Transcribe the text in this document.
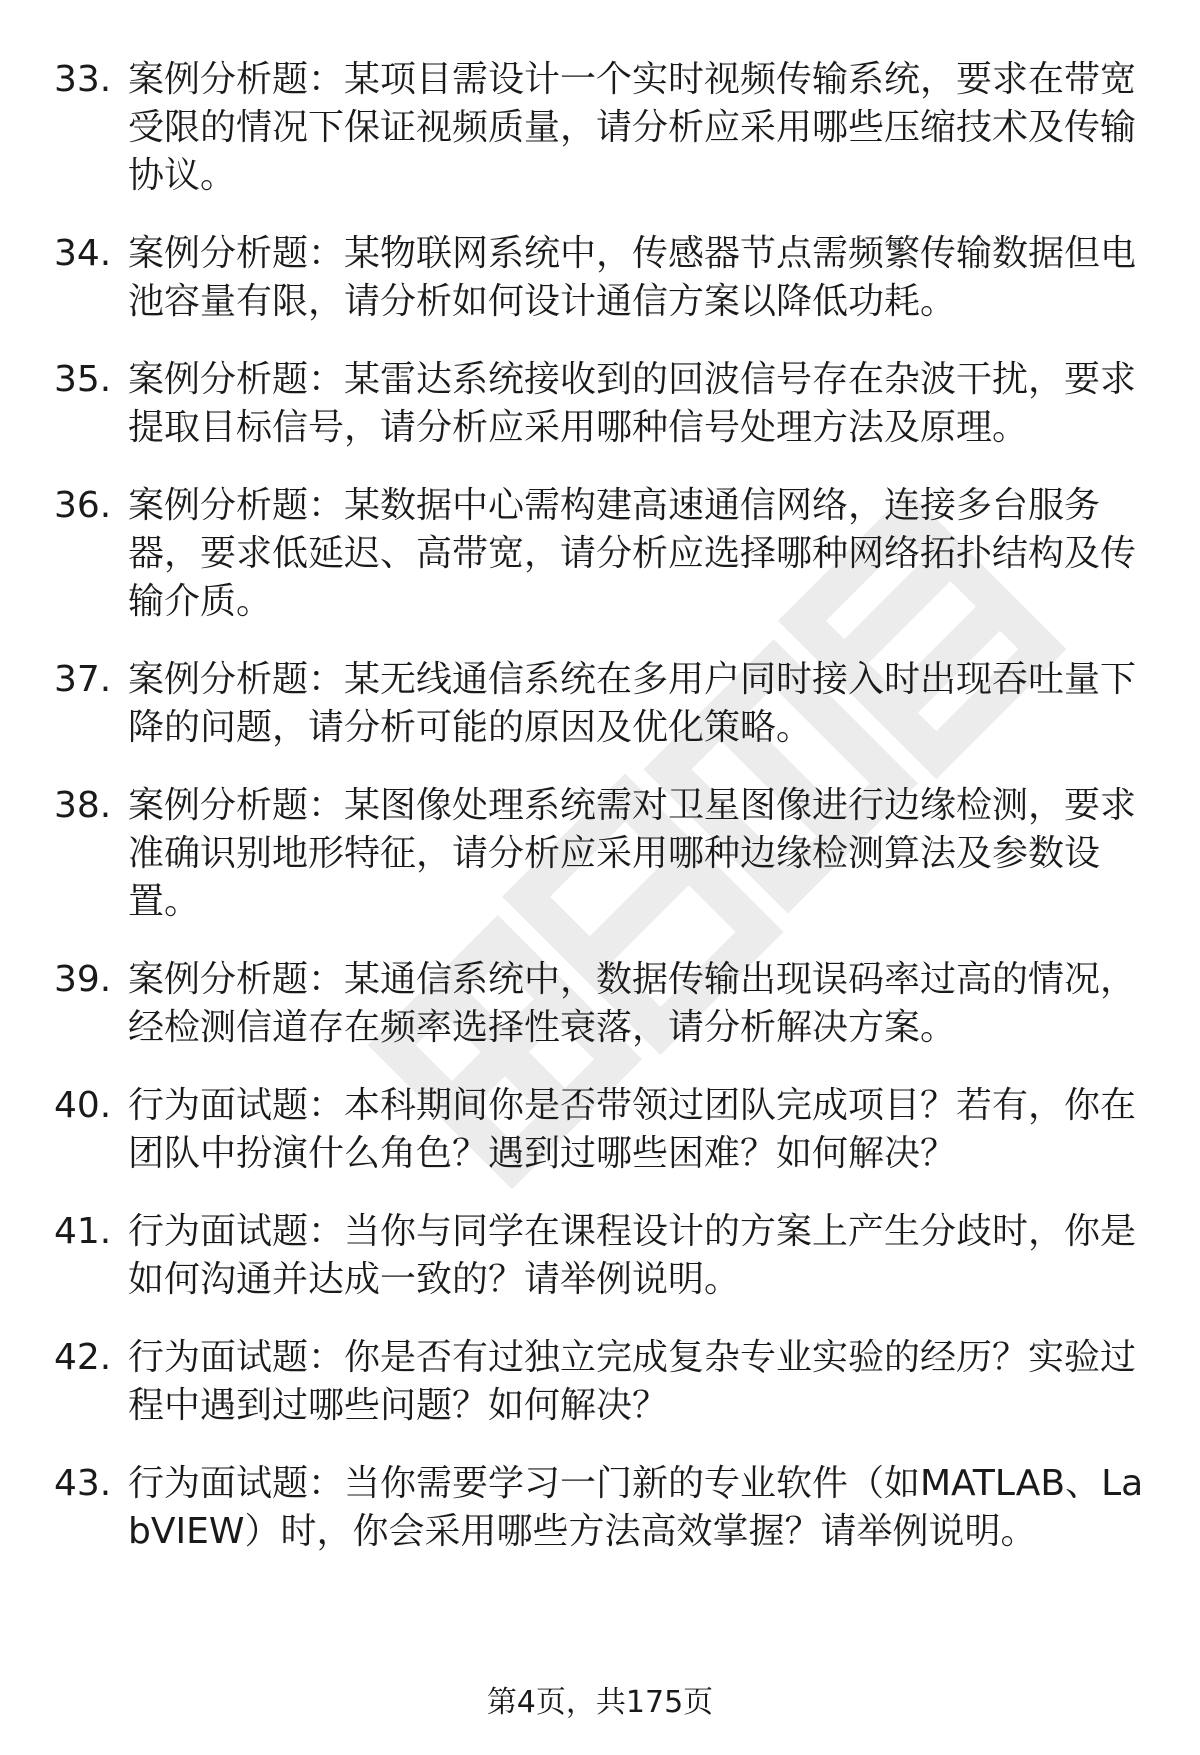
33. 案例分析题：某项目需设计一个实时视频传输系统，要求在带宽受限的情况下保证视频质量，请分析应采用哪些压缩技术及传输协议。
34. 案例分析题：某物联网系统中，传感器节点需频繁传输数据但电池容量有限，请分析如何设计通信方案以降低功耗。
35. 案例分析题：某雷达系统接收到的回波信号存在杂波干扰，要求提取目标信号，请分析应采用哪种信号处理方法及原理。
36. 案例分析题：某数据中心需构建高速通信网络，连接多台服务器，要求低延迟、高带宽，请分析应选择哪种网络拓扑结构及传输介质。
37. 案例分析题：某无线通信系统在多用户同时接入时出现吞吐量下降的问题，请分析可能的原因及优化策略。
38. 案例分析题：某图像处理系统需对卫星图像进行边缘检测，要求准确识别地形特征，请分析应采用哪种边缘检测算法及参数设置。
39. 案例分析题：某通信系统中，数据传输出现误码率过高的情况，经检测信道存在频率选择性衰落，请分析解决方案。
40. 行为面试题：本科期间你是否带领过团队完成项目？若有，你在团队中扮演什么角色？遇到过哪些困难？如何解决？
41. 行为面试题：当你与同学在课程设计的方案上产生分歧时，你是如何沟通并达成一致的？请举例说明。
42. 行为面试题：你是否有过独立完成复杂专业实验的经历？实验过程中遇到过哪些问题？如何解决？
43. 行为面试题：当你需要学习一门新的专业软件（如MATLAB、LabVIEW）时，你会采用哪些方法高效掌握？请举例说明。
第4页，共175页
